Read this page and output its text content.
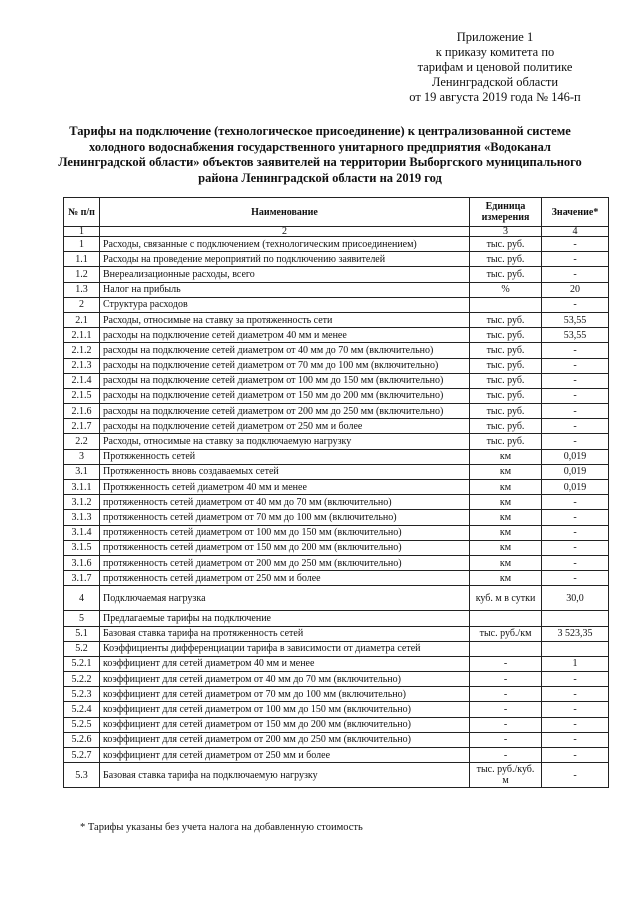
Приложение 1
к приказу комитета по
тарифам и ценовой политике
Ленинградской области
от 19 августа 2019 года № 146-п
Тарифы на подключение (технологическое присоединение) к централизованной системе
холодного водоснабжения государственного унитарного предприятия «Водоканал
Ленинградской области» объектов заявителей на территории Выборгского муниципального
района Ленинградской области на 2019 год
№ п/п	Наименование	Единица измерения	Значение*
1	2	3	4
1	Расходы, связанные с подключением (технологическим присоединением)	тыс. руб.	-
1.1	Расходы на проведение мероприятий по подключению заявителей	тыс. руб.	-
1.2	Внереализационные расходы, всего	тыс. руб.	-
1.3	Налог на прибыль	%	20
2	Структура расходов		-
2.1	Расходы, относимые на ставку за протяженность сети	тыс. руб.	53,55
2.1.1	расходы на подключение сетей диаметром 40 мм и менее	тыс. руб.	53,55
2.1.2	расходы на подключение сетей диаметром от 40 мм до 70 мм (включительно)	тыс. руб.	-
2.1.3	расходы на подключение сетей диаметром от 70 мм до 100 мм (включительно)	тыс. руб.	-
2.1.4	расходы на подключение сетей диаметром от 100 мм до 150 мм (включительно)	тыс. руб.	-
2.1.5	расходы на подключение сетей диаметром от 150 мм до 200 мм (включительно)	тыс. руб.	-
2.1.6	расходы на подключение сетей диаметром от 200 мм до 250 мм (включительно)	тыс. руб.	-
2.1.7	расходы на подключение сетей диаметром от 250 мм и более	тыс. руб.	-
2.2	Расходы, относимые на ставку за подключаемую нагрузку	тыс. руб.	-
3	Протяженность сетей	км	0,019
3.1	Протяженность вновь создаваемых сетей	км	0,019
3.1.1	Протяженность сетей диаметром 40 мм и менее	км	0,019
3.1.2	протяженность сетей диаметром от 40 мм до 70 мм (включительно)	км	-
3.1.3	протяженность сетей диаметром от 70 мм до 100 мм (включительно)	км	-
3.1.4	протяженность сетей диаметром от 100 мм до 150 мм (включительно)	км	-
3.1.5	протяженность сетей диаметром от 150 мм до 200 мм (включительно)	км	-
3.1.6	протяженность сетей диаметром от 200 мм до 250 мм (включительно)	км	-
3.1.7	протяженность сетей диаметром от 250 мм и более	км	-
4	Подключаемая нагрузка	куб. м в сутки	30,0
5	Предлагаемые тарифы на подключение		
5.1	Базовая ставка тарифа на протяженность сетей	тыс. руб./км	3 523,35
5.2	Коэффициенты дифференциации тарифа в зависимости от диаметра сетей		
5.2.1	коэффициент для сетей диаметром 40 мм и менее	-	1
5.2.2	коэффициент для сетей диаметром от 40 мм до 70 мм (включительно)	-	-
5.2.3	коэффициент для сетей диаметром от 70 мм до 100 мм (включительно)	-	-
5.2.4	коэффициент для сетей диаметром от 100 мм до 150 мм (включительно)	-	-
5.2.5	коэффициент для сетей диаметром от 150 мм до 200 мм (включительно)	-	-
5.2.6	коэффициент для сетей диаметром от 200 мм до 250 мм (включительно)	-	-
5.2.7	коэффициент для сетей диаметром от 250 мм и более	-	-
5.3	Базовая ставка тарифа на подключаемую нагрузку	тыс. руб./куб. м	-
* Тарифы указаны без учета налога на добавленную стоимость
